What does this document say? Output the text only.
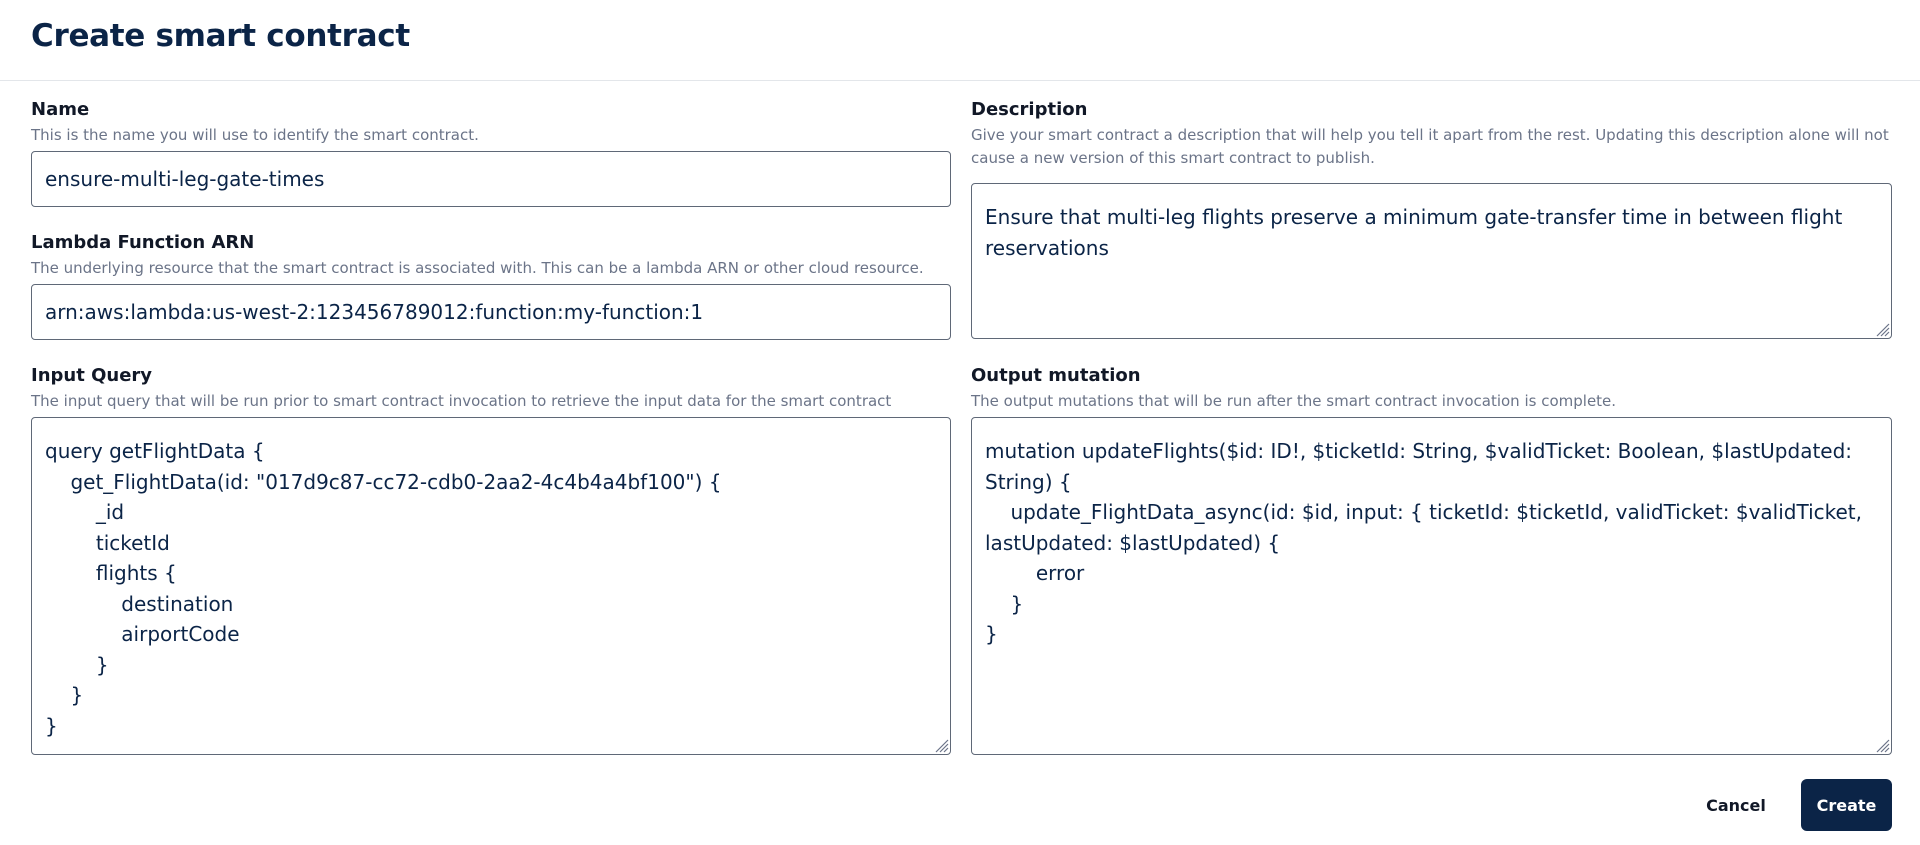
Create smart contract
Name
This is the name you will use to identify the smart contract.
ensure-multi-leg-gate-times
Lambda Function ARN
The underlying resource that the smart contract is associated with. This can be a lambda ARN or other cloud resource.
arn:aws:lambda:us-west-2:123456789012:function:my-function:1
Input Query
The input query that will be run prior to smart contract invocation to retrieve the input data for the smart contract
query getFlightData {
get_FlightData(id: "017d9c87-cc72-cdb0-2aa2-4c4b4a4bf100") {
_id
ticketId
flights {
destination
airportCode
}
}
}
Description
Give your smart contract a description that will help you tell it apart from the rest. Updating this description alone will not cause a new version of this smart contract to publish.
Ensure that multi-leg flights preserve a minimum gate-transfer time in between flight reservations
Output mutation
The output mutations that will be run after the smart contract invocation is complete.
mutation updateFlights($id: ID!, $ticketId: String, $validTicket: Boolean, $lastUpdated: String) {
update_FlightData_async(id: $id, input: { ticketId: $ticketId, validTicket: $validTicket, lastUpdated: $lastUpdated) {
error
}
}
Cancel	Create
